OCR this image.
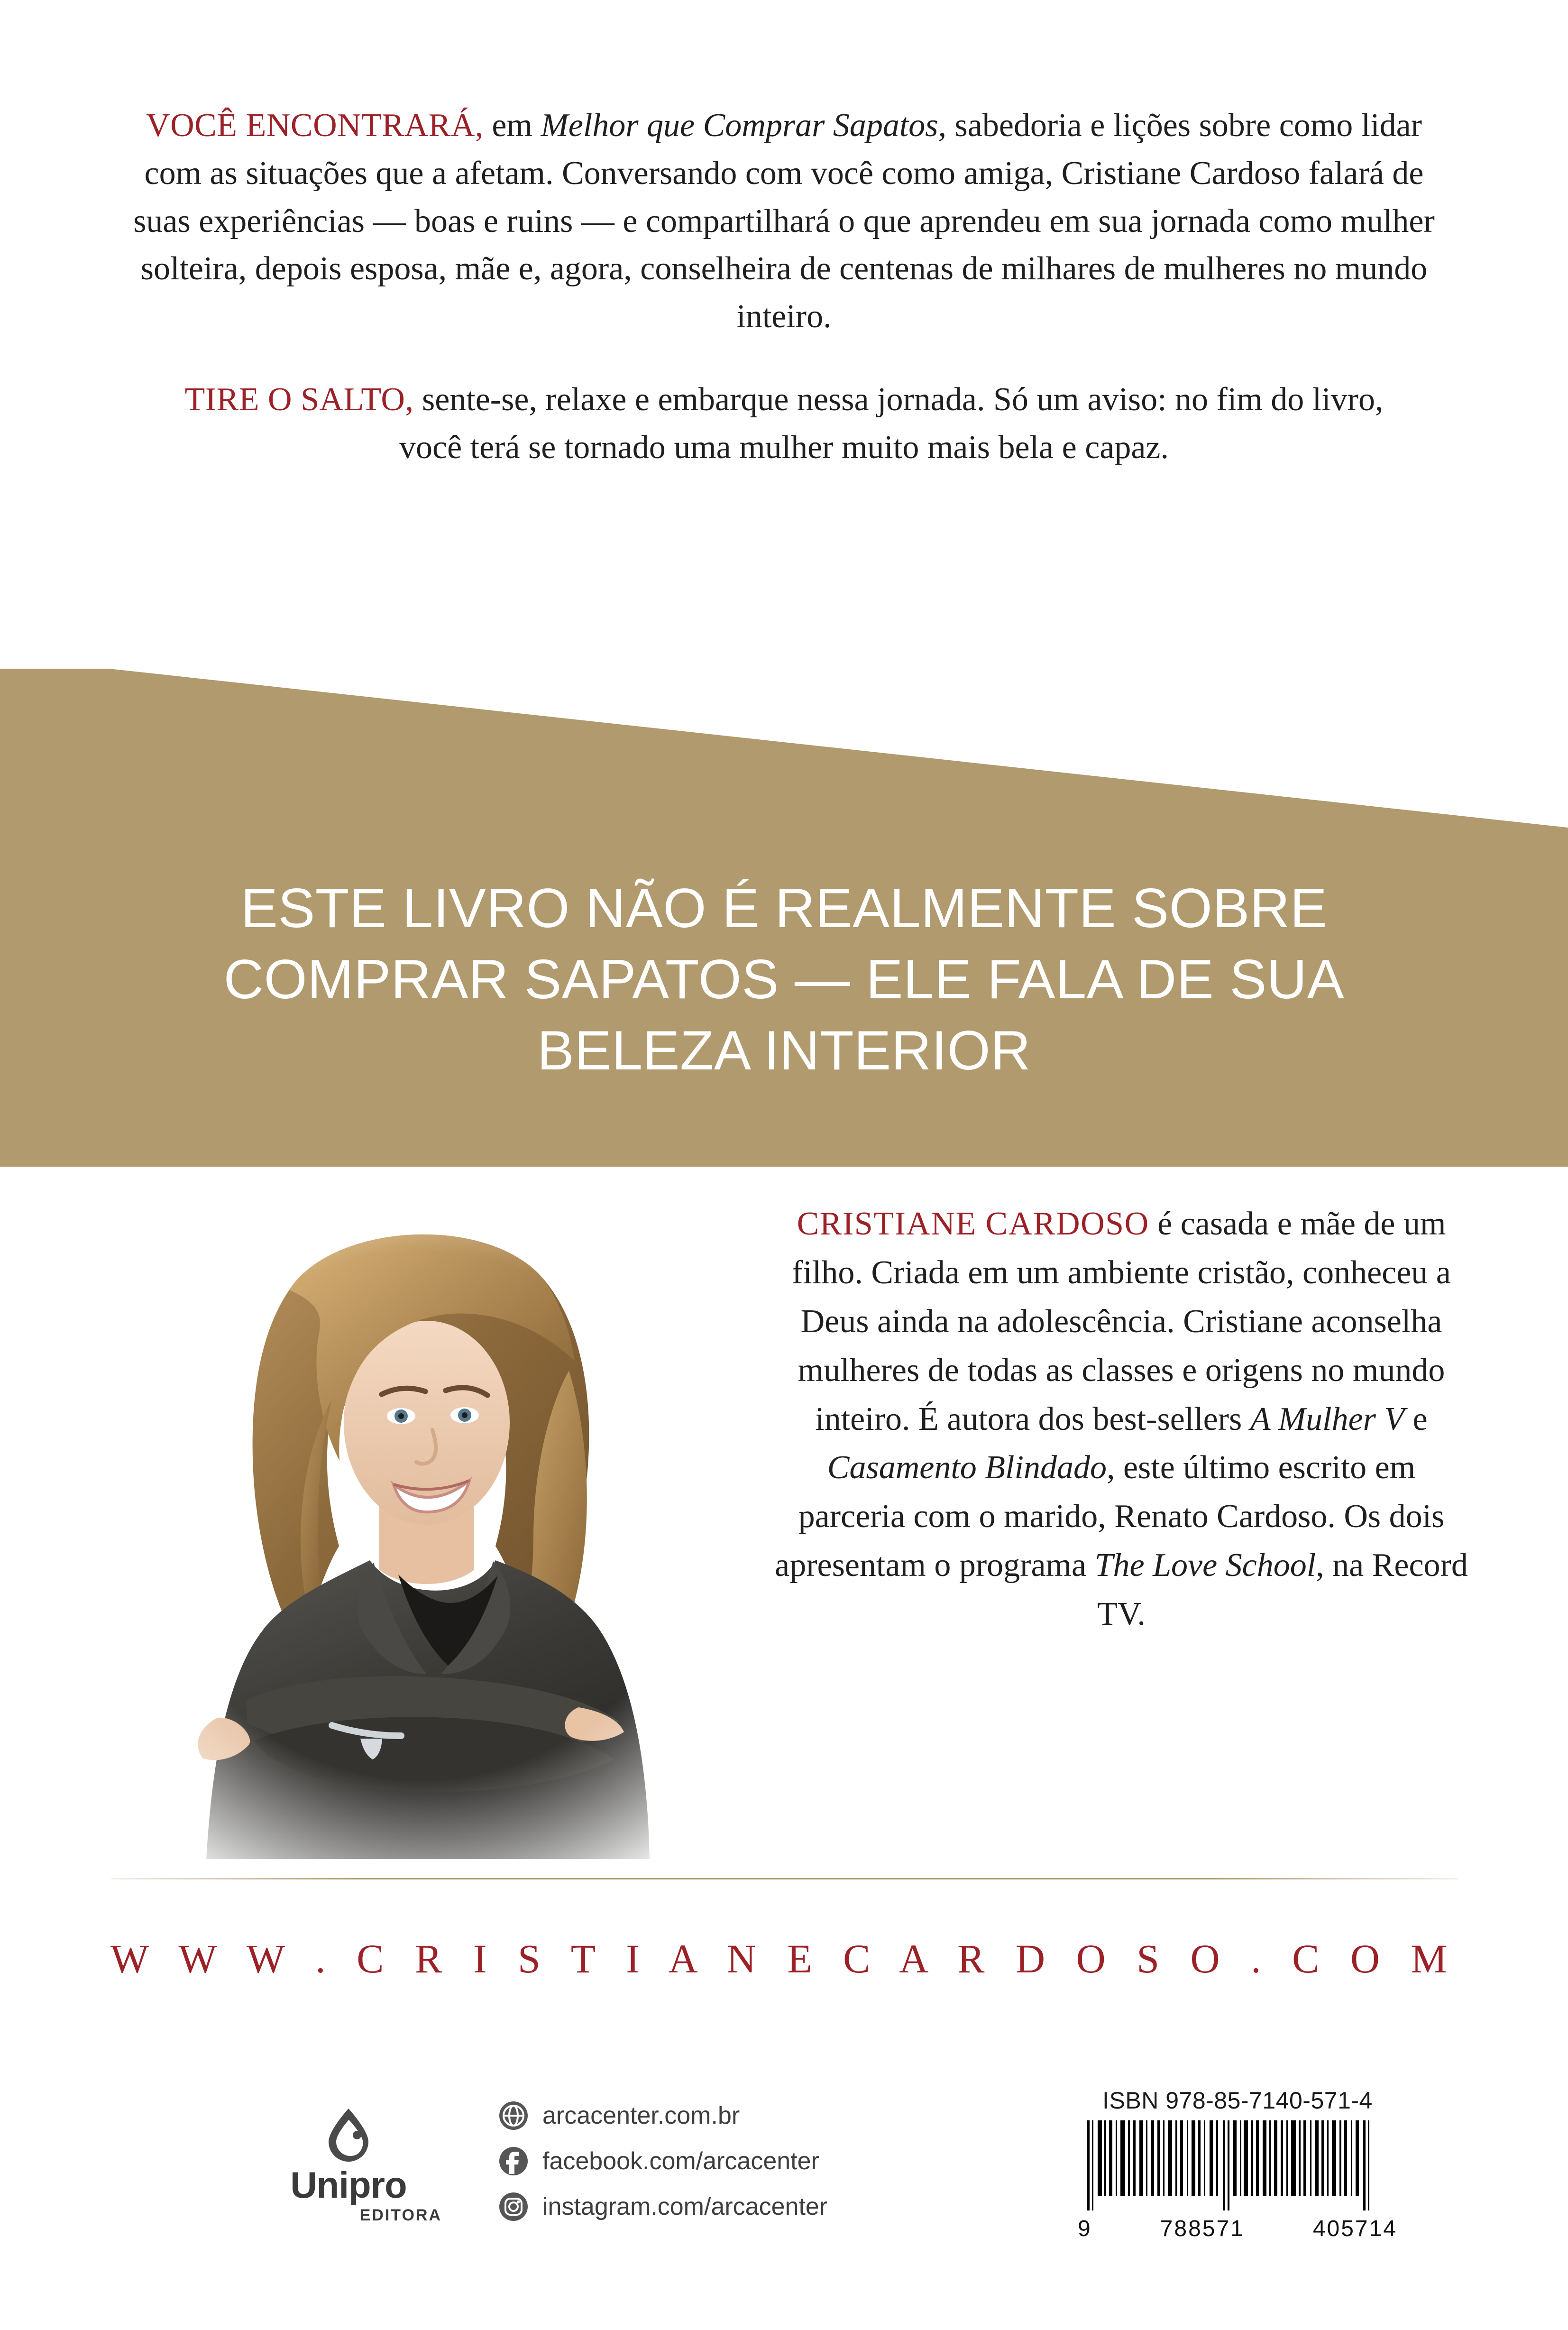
VOCÊ ENCONTRARÁ, em Melhor que Comprar Sapatos, sabedoria e lições sobre como lidar com as situações que a afetam. Conversando com você como amiga, Cristiane Cardoso falará de suas experiências — boas e ruins — e compartilhará o que aprendeu em sua jornada como mulher solteira, depois esposa, mãe e, agora, conselheira de centenas de milhares de mulheres no mundo inteiro.

TIRE O SALTO, sente-se, relaxe e embarque nessa jornada. Só um aviso: no fim do livro, você terá se tornado uma mulher muito mais bela e capaz.

ESTE LIVRO NÃO É REALMENTE SOBRE COMPRAR SAPATOS — ELE FALA DE SUA BELEZA INTERIOR
CRISTIANE CARDOSO é casada e mãe de um filho. Criada em um ambiente cristão, conheceu a Deus ainda na adolescência. Cristiane aconselha mulheres de todas as classes e origens no mundo inteiro. É autora dos best-sellers A Mulher V e Casamento Blindado, este último escrito em parceria com o marido, Renato Cardoso. Os dois apresentam o programa The Love School, na Record TV.
W W W . C R I S T I A N E C A R D O S O . C O M
Unipro
EDITORA
arcacenter.com.br
facebook.com/arcacenter
instagram.com/arcacenter
ISBN 978-85-7140-571-4
9	788571	405714
